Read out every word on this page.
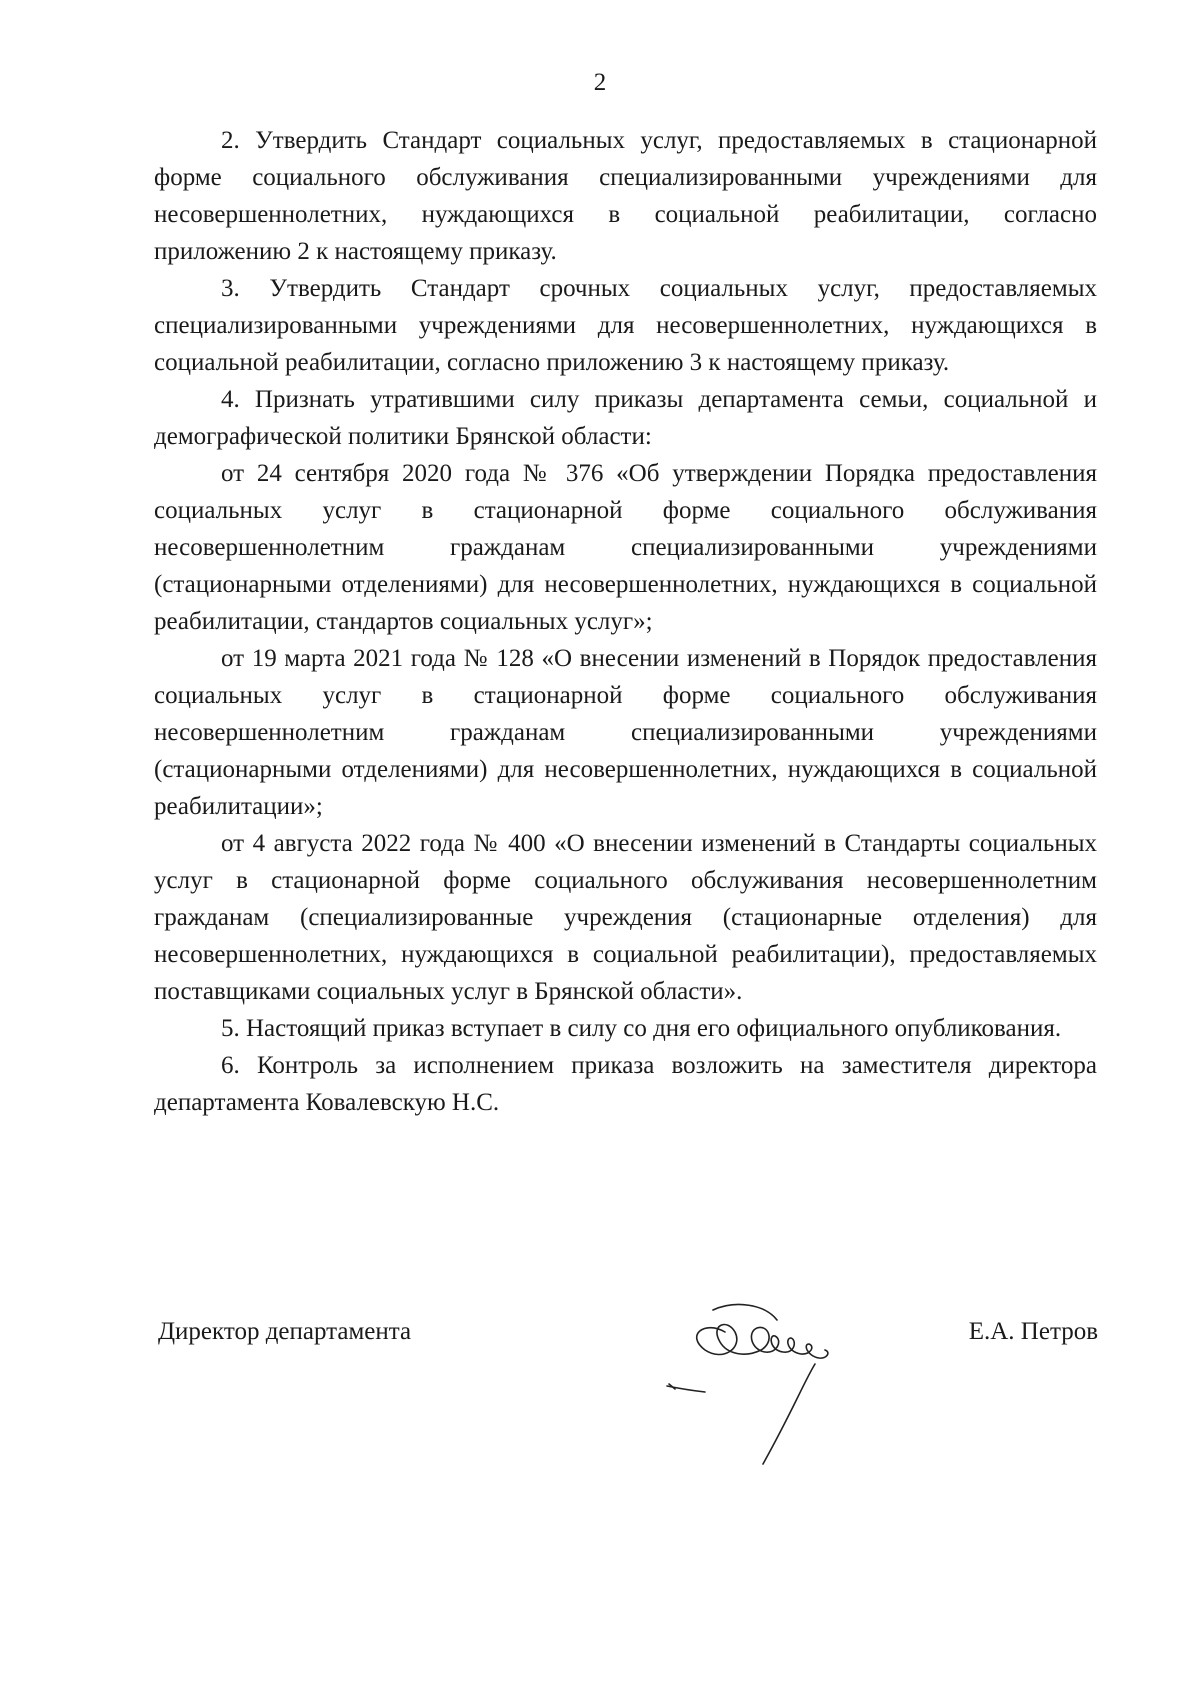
2

2. Утвердить Стандарт социальных услуг, предоставляемых в стационарной форме социального обслуживания специализированными учреждениями для несовершеннолетних, нуждающихся в социальной реабилитации, согласно приложению 2 к настоящему приказу.

3. Утвердить Стандарт срочных социальных услуг, предоставляемых специализированными учреждениями для несовершеннолетних, нуждающихся в социальной реабилитации, согласно приложению 3 к настоящему приказу.

4. Признать утратившими силу приказы департамента семьи, социальной и демографической политики Брянской области:

от 24 сентября 2020 года № 376 «Об утверждении Порядка предоставления социальных услуг в стационарной форме социального обслуживания несовершеннолетним гражданам специализированными учреждениями (стационарными отделениями) для несовершеннолетних, нуждающихся в социальной реабилитации, стандартов социальных услуг»;

от 19 марта 2021 года № 128 «О внесении изменений в Порядок предоставления социальных услуг в стационарной форме социального обслуживания несовершеннолетним гражданам специализированными учреждениями (стационарными отделениями) для несовершеннолетних, нуждающихся в социальной реабилитации»;

от 4 августа 2022 года № 400 «О внесении изменений в Стандарты социальных услуг в стационарной форме социального обслуживания несовершеннолетним гражданам (специализированные учреждения (стационарные отделения) для несовершеннолетних, нуждающихся в социальной реабилитации), предоставляемых поставщиками социальных услуг в Брянской области».

5. Настоящий приказ вступает в силу со дня его официального опубликования.

6. Контроль за исполнением приказа возложить на заместителя директора департамента Ковалевскую Н.С.

Директор департамента	Е.А. Петров
